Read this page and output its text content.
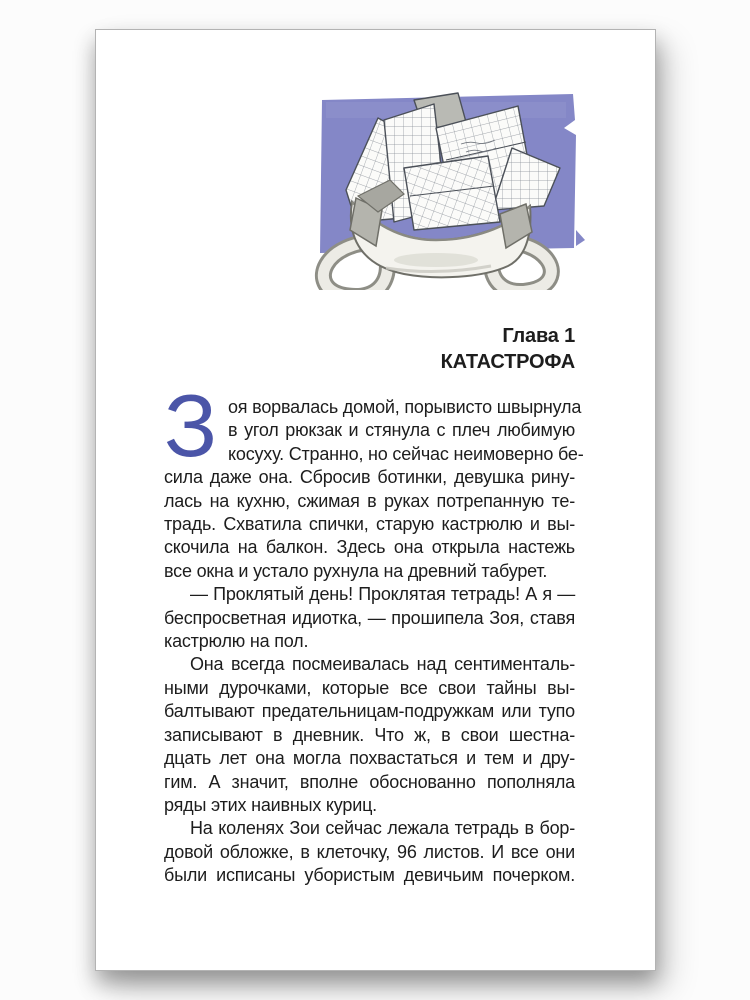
Глава 1
КАТАСТРОФА
З оя ворвалась домой, порывисто швырнула
в угол рюкзак и стянула с плеч любимую
косуху. Странно, но сейчас неимоверно бе-
сила даже она. Сбросив ботинки, девушка рину-
лась на кухню, сжимая в руках потрепанную те-
традь. Схватила спички, старую кастрюлю и вы-
скочила на балкон. Здесь она открыла настежь
все окна и устало рухнула на древний табурет.
— Проклятый день! Проклятая тетрадь! А я —
беспросветная идиотка, — прошипела Зоя, ставя
кастрюлю на пол.
Она всегда посмеивалась над сентименталь-
ными дурочками, которые все свои тайны вы-
балтывают предательницам-подружкам или тупо
записывают в дневник. Что ж, в свои шестна-
дцать лет она могла похвастаться и тем и дру-
гим. А значит, вполне обоснованно пополняла
ряды этих наивных куриц.
На коленях Зои сейчас лежала тетрадь в бор-
довой обложке, в клеточку, 96 листов. И все они
были исписаны убористым девичьим почерком.
